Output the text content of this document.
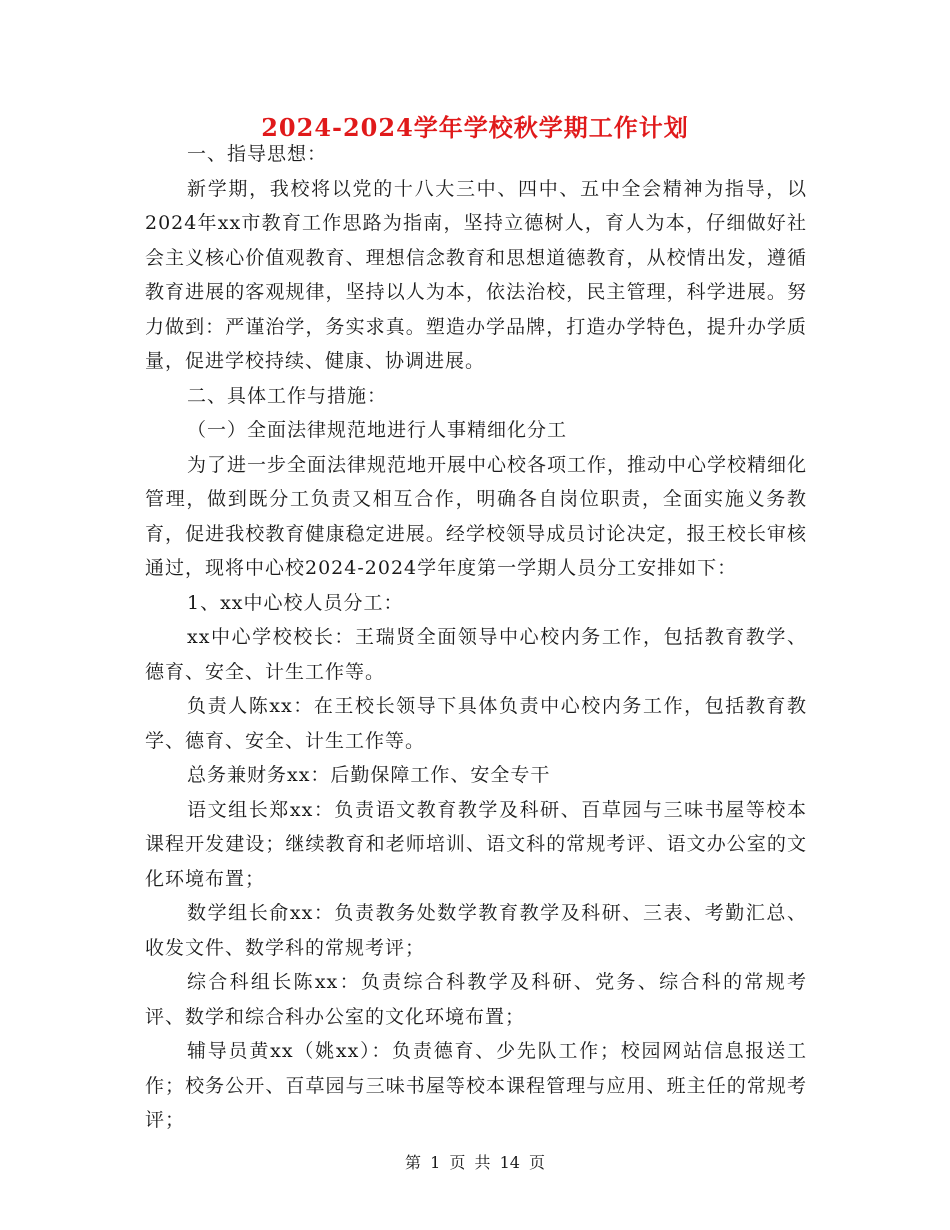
2024-2024学年学校秋学期工作计划

一、指导思想：

新学期，我校将以党的十八大三中、四中、五中全会精神为指导，以2024年xx市教育工作思路为指南，坚持立德树人，育人为本，仔细做好社会主义核心价值观教育、理想信念教育和思想道德教育，从校情出发，遵循教育进展的客观规律，坚持以人为本，依法治校，民主管理，科学进展。努力做到：严谨治学，务实求真。塑造办学品牌，打造办学特色，提升办学质量，促进学校持续、健康、协调进展。

二、具体工作与措施：

（一）全面法律规范地进行人事精细化分工

为了进一步全面法律规范地开展中心校各项工作，推动中心学校精细化管理，做到既分工负责又相互合作，明确各自岗位职责，全面实施义务教育，促进我校教育健康稳定进展。经学校领导成员讨论决定，报王校长审核通过，现将中心校2024-2024学年度第一学期人员分工安排如下：

1、xx中心校人员分工：

xx中心学校校长：王瑞贤全面领导中心校内务工作，包括教育教学、德育、安全、计生工作等。

负责人陈xx：在王校长领导下具体负责中心校内务工作，包括教育教学、德育、安全、计生工作等。

总务兼财务xx：后勤保障工作、安全专干

语文组长郑xx：负责语文教育教学及科研、百草园与三味书屋等校本课程开发建设；继续教育和老师培训、语文科的常规考评、语文办公室的文化环境布置；

数学组长俞xx：负责教务处数学教育教学及科研、三表、考勤汇总、收发文件、数学科的常规考评；

综合科组长陈xx：负责综合科教学及科研、党务、综合科的常规考评、数学和综合科办公室的文化环境布置；

辅导员黄xx（姚xx）：负责德育、少先队工作；校园网站信息报送工作；校务公开、百草园与三味书屋等校本课程管理与应用、班主任的常规考评；

第 1 页 共 14 页
